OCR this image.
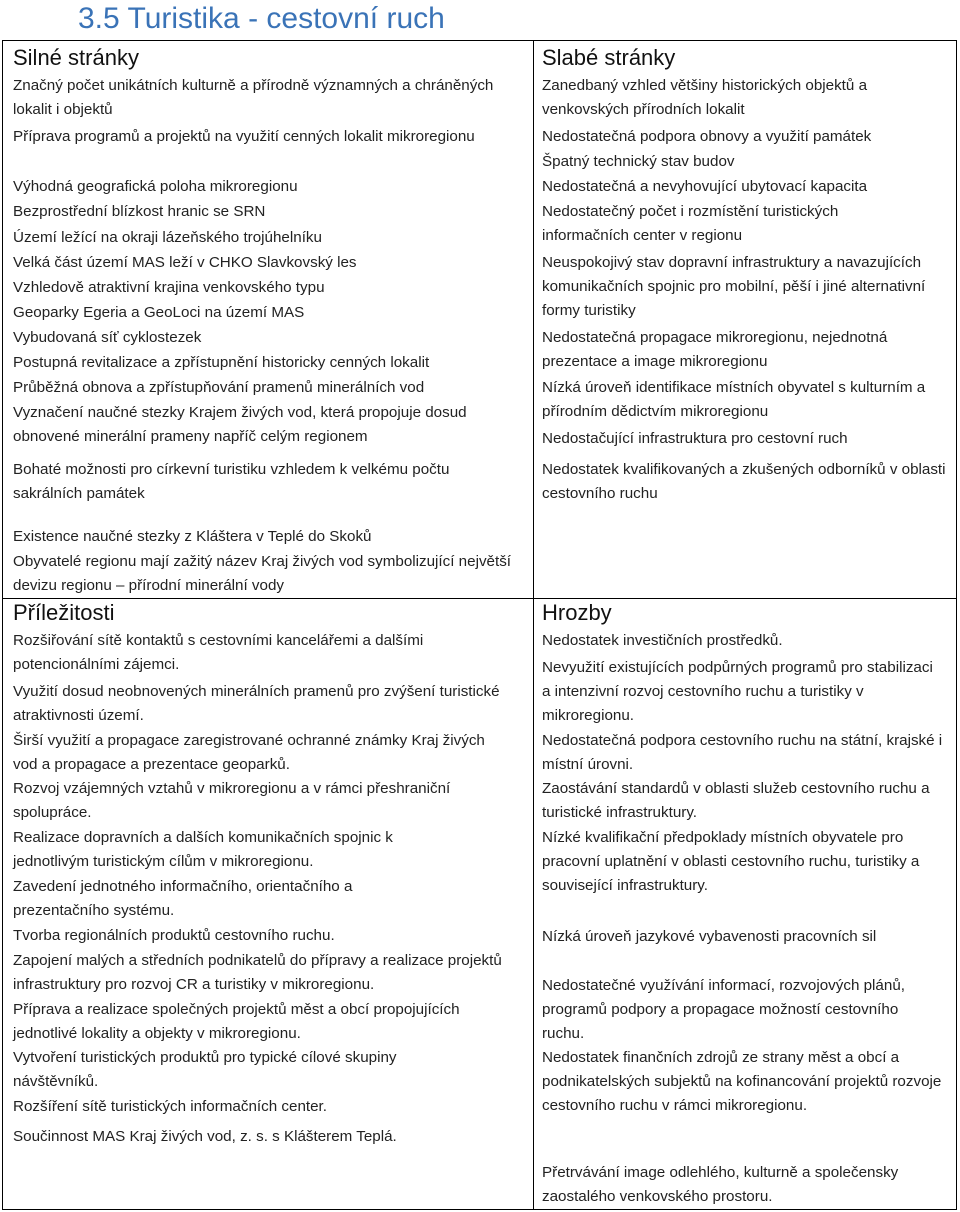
3.5 Turistika - cestovní ruch
Silné stránky
Značný počet unikátních kulturně a přírodně významných a chráněných lokalit i objektů
Příprava programů a projektů na využití cenných lokalit mikroregionu
Výhodná geografická poloha mikroregionu
Bezprostřední blízkost hranic se SRN
Území ležící na okraji lázeňského trojúhelníku
Velká část území MAS leží v CHKO Slavkovský les
Vzhledově atraktivní krajina venkovského typu
Geoparky Egeria a GeoLoci na území MAS
Vybudovaná síť cyklostezek
Postupná revitalizace a zpřístupnění historicky cenných lokalit
Průběžná obnova a zpřístupňování pramenů minerálních vod
Vyznačení naučné stezky Krajem živých vod, která propojuje dosud obnovené minerální prameny napříč celým regionem
Bohaté možnosti pro církevní turistiku vzhledem k velkému počtu sakrálních památek
Existence naučné stezky z Kláštera v Teplé do Skoků
Obyvatelé regionu mají zažitý název Kraj živých vod symbolizující největší devizu regionu – přírodní minerální vody
Slabé stránky
Zanedbaný vzhled většiny historických objektů a venkovských přírodních lokalit
Nedostatečná podpora obnovy a využití památek
Špatný technický stav budov
Nedostatečná a nevyhovující ubytovací kapacita
Nedostatečný počet i rozmístění turistických informačních center v regionu
Neuspokojivý stav dopravní infrastruktury a navazujících komunikačních spojnic pro mobilní, pěší i jiné alternativní formy turistiky
Nedostatečná propagace mikroregionu, nejednotná prezentace a image mikroregionu
Nízká úroveň identifikace místních obyvatel s kulturním a přírodním dědictvím mikroregionu
Nedostačující infrastruktura pro cestovní ruch
Nedostatek kvalifikovaných a zkušených odborníků v oblasti cestovního ruchu
Příležitosti
Rozšiřování sítě kontaktů s cestovními kancelářemi a dalšími potencionálními zájemci.
Využití dosud neobnovených minerálních pramenů pro zvýšení turistické atraktivnosti území.
Širší využití a propagace zaregistrované ochranné známky Kraj živých vod a propagace a prezentace geoparků.
Rozvoj vzájemných vztahů v mikroregionu a v rámci přeshraniční spolupráce.
Realizace dopravních a dalších komunikačních spojnic k jednotlivým turistickým cílům v mikroregionu.
Zavedení jednotného informačního, orientačního a prezentačního systému.
Tvorba regionálních produktů cestovního ruchu.
Zapojení malých a středních podnikatelů do přípravy a realizace projektů infrastruktury pro rozvoj CR a turistiky v mikroregionu.
Příprava a realizace společných projektů měst a obcí propojujících jednotlivé lokality a objekty v mikroregionu.
Vytvoření turistických produktů pro typické cílové skupiny návštěvníků.
Rozšíření sítě turistických informačních center.
Součinnost MAS Kraj živých vod, z. s. s Klášterem Teplá.
Hrozby
Nedostatek investičních prostředků.
Nevyužití existujících podpůrných programů pro stabilizaci a intenzivní rozvoj cestovního ruchu a turistiky v mikroregionu.
Nedostatečná podpora cestovního ruchu na státní, krajské i místní úrovni.
Zaostávání standardů v oblasti služeb cestovního ruchu a turistické infrastruktury.
Nízké kvalifikační předpoklady místních obyvatele pro pracovní uplatnění v oblasti cestovního ruchu, turistiky a související infrastruktury.
Nízká úroveň jazykové vybavenosti pracovních sil
Nedostatečné využívání informací, rozvojových plánů, programů podpory a propagace možností cestovního ruchu.
Nedostatek finančních zdrojů ze strany měst a obcí a podnikatelských subjektů na kofinancování projektů rozvoje cestovního ruchu v rámci mikroregionu.
Přetrvávání image odlehlého, kulturně a společensky zaostalého venkovského prostoru.
